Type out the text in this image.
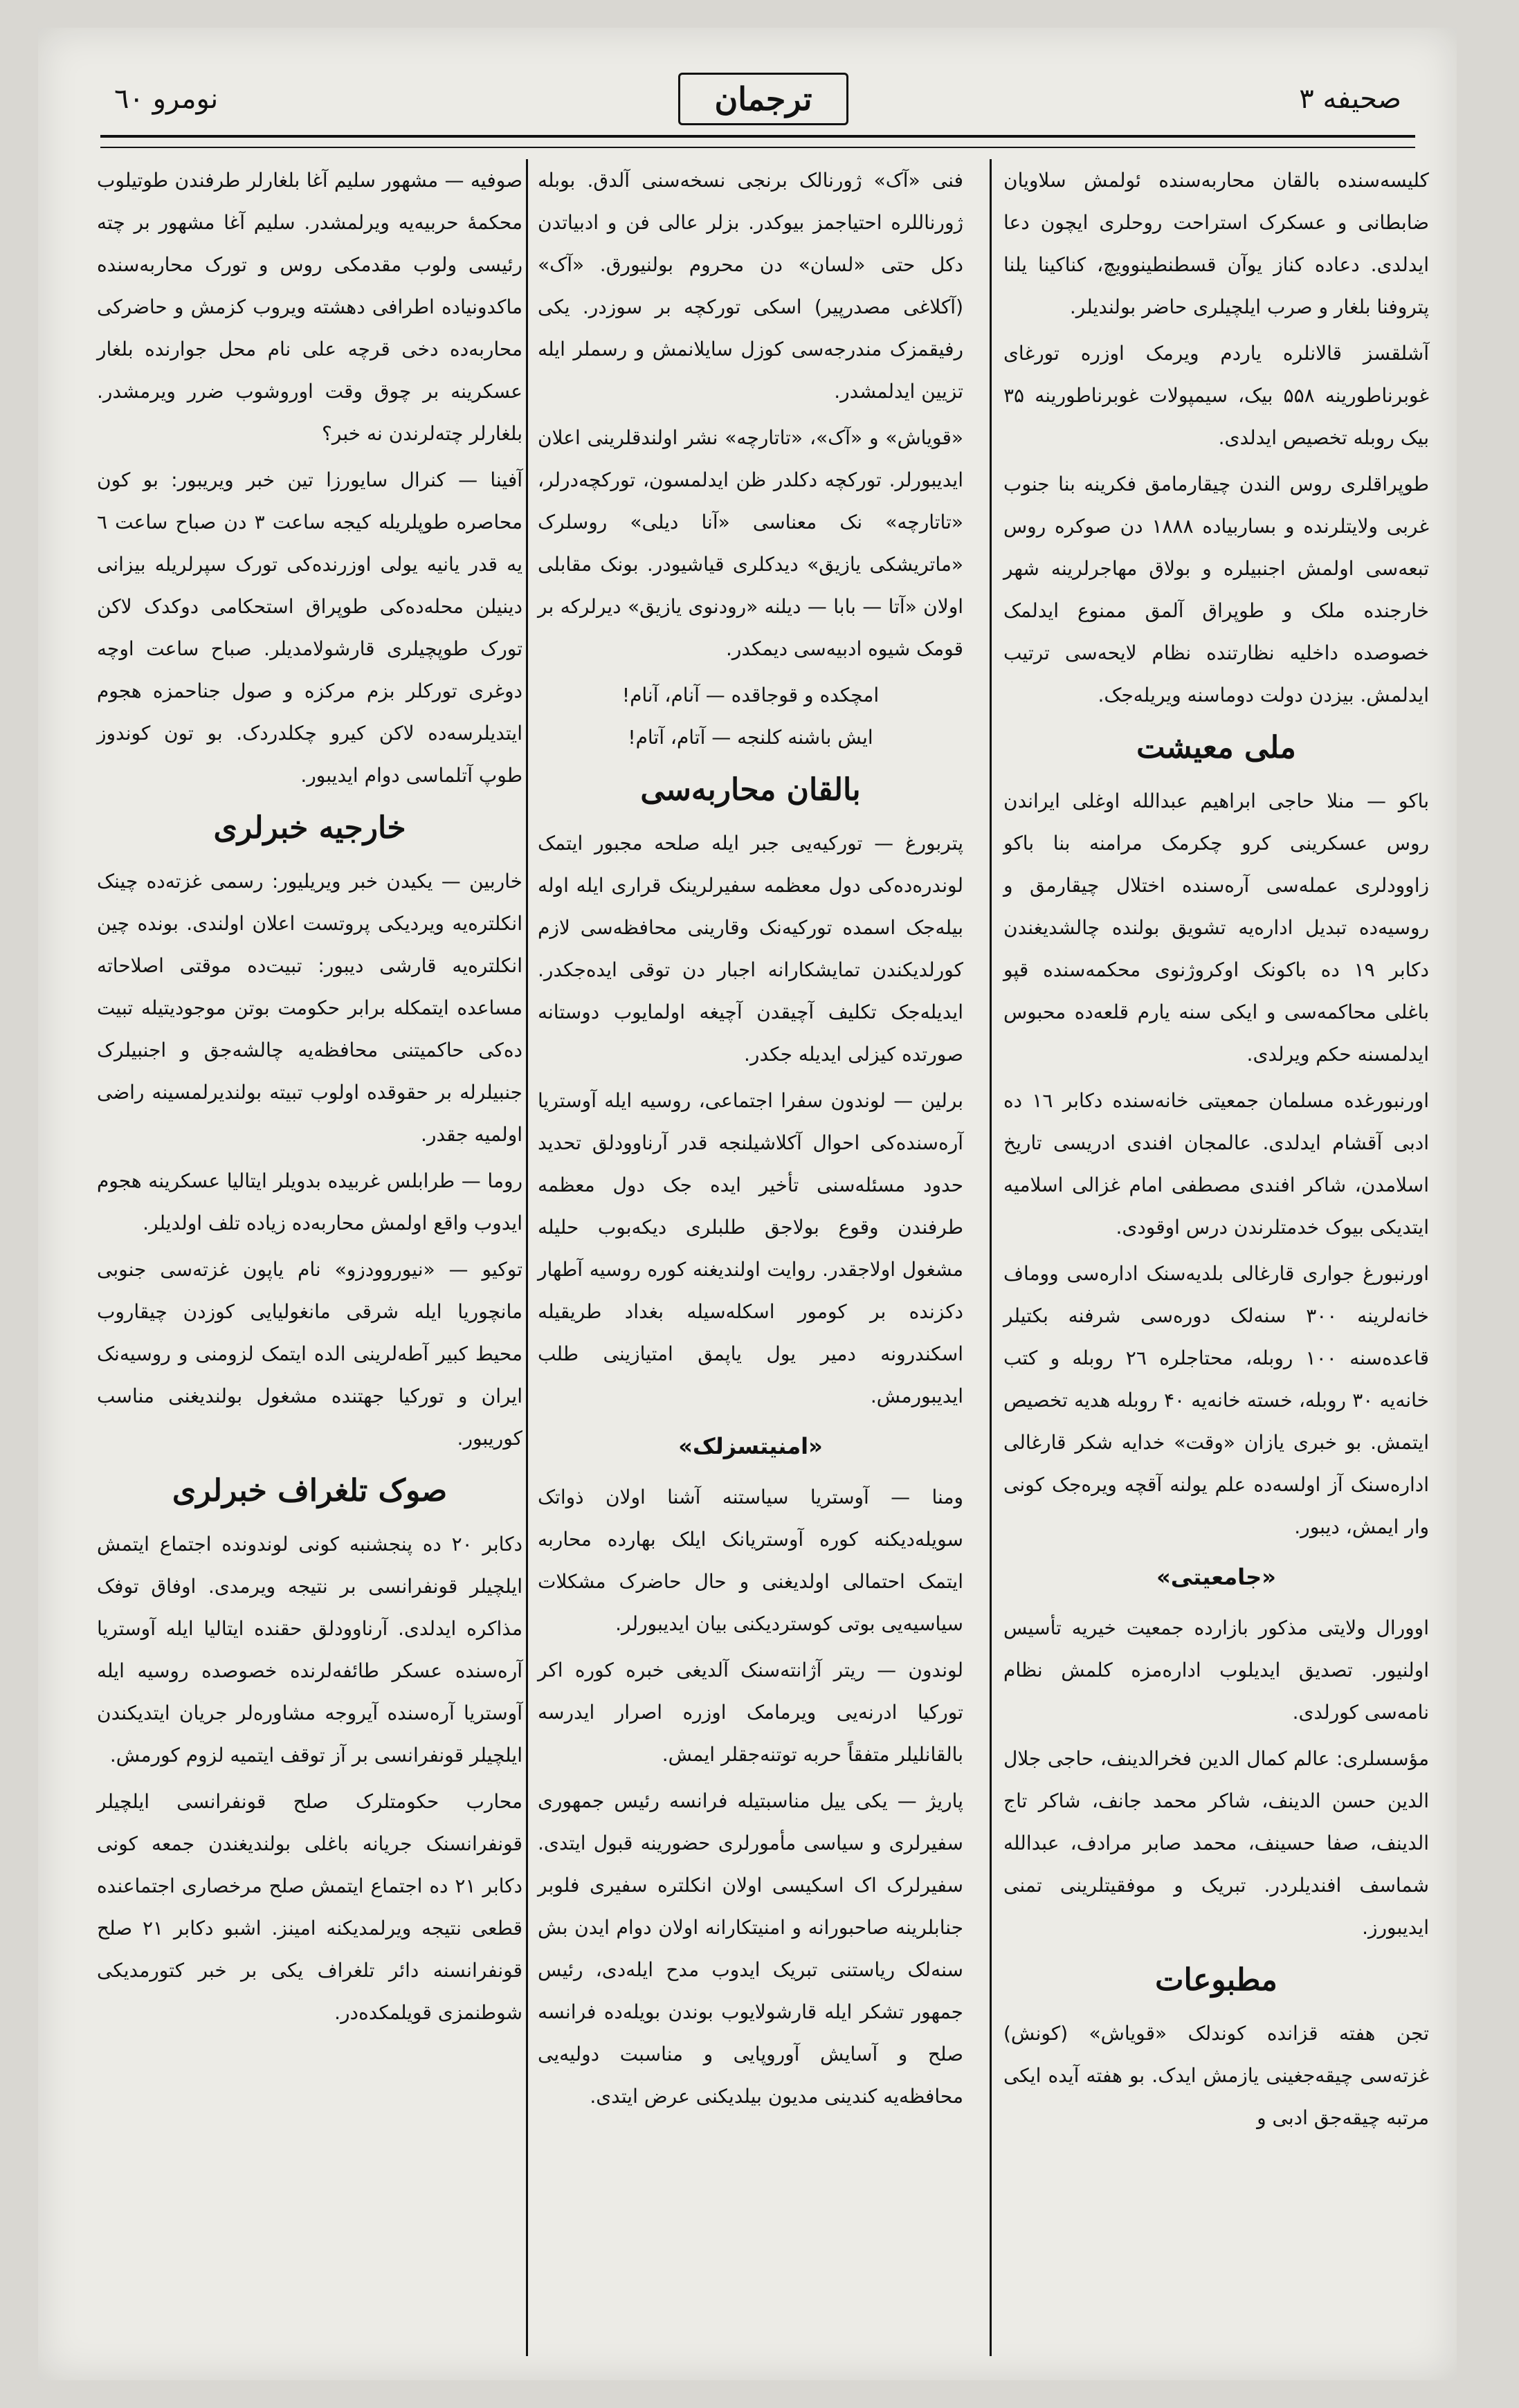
صحیفه ۳
ترجمان
نومرو ٦٠

کلیسه‌سنده بالقان محاربه‌سنده ئولمش سلاویان ضابطانی و عسکرک استراحت روحلری ایچون دعا ایدلدی. دعاده کناز یوآن قسطنطینوویچ، کناکینا یلنا پتروفنا بلغار و صرب ایلچیلری حاضر بولندیلر.

آشلقسز قالانلره یاردم ویرمک اوزره تورغای غوبرناطورینه ۵۵۸ بیک، سیمپولات غوبرناطورینه ۳۵ بیک روبله تخصیص ایدلدی.

طوپراقلری روس الندن چیقارمامق فکرینه بنا جنوب غربی ولایتلرنده و بساربیاده ۱۸۸۸ دن صوکره روس تبعه‌سی اولمش اجنبیلره و بولاق مهاجرلرینه شهر خارجنده ملک و طوپراق آلمق ممنوع ایدلمک خصوصده داخلیه نظارتنده نظام لایحه‌سی ترتیب ایدلمش. بیزدن دولت دوماسنه ویریله‌جک.

ملی معیشت

باکو — منلا حاجی ابراهیم عبدالله اوغلی ایراندن روس عسکرینی کرو چکرمک مرامنه بنا باکو زاوودلری عمله‌سی آره‌سنده اختلال چیقارمق و روسیه‌ده تبدیل اداره‌یه تشویق بولنده چالشدیغندن دکابر ۱۹ ده باکونک اوکروژنوی محکمه‌سنده قپو باغلی محاکمه‌سی و ایکی سنه یارم قلعه‌ده محبوس ایدلمسنه حکم ویرلدی.

اورنبورغده مسلمان جمعیتی خانه‌سنده دکابر ۱٦ ده ادبی آقشام ایدلدی. عالمجان افندی ادریسی تاریخ اسلامدن، شاکر افندی مصطفی امام غزالی اسلامیه ایتدیکی بیوک خدمتلرندن درس اوقودی.

اورنبورغ جواری قارغالی بلدیه‌سنک اداره‌سی ووماف خانه‌لرینه ۳۰۰ سنه‌لک دوره‌سی شرفنه بکتیلر قاعده‌سنه ۱۰۰ روبله، محتاجلره ۲٦ روبله و کتب خانه‌یه ۳۰ روبله، خسته خانه‌یه ۴۰ روبله هدیه تخصیص ایتمش. بو خبری یازان «وقت» خدایه شکر قارغالی اداره‌سنک آز اولسه‌ده علم یولنه آقچه ویره‌جک کونی وار ایمش، دیبور.

«جامعیتی»

اوورال ولایتی مذکور بازارده جمعیت خیریه تأسیس اولنیور. تصدیق ایدیلوب اداره‌مزه کلمش نظام نامه‌سی کورلدی.

مؤسسلری: عالم کمال الدین فخرالدینف، حاجی جلال الدین حسن الدینف، شاکر محمد جانف، شاکر تاج الدینف، صفا حسینف، محمد صابر مرادف، عبدالله شماسف افندیلردر. تبریک و موفقیتلرینی تمنی ایدیبورز.

مطبوعات

تجن هفته قزانده کوندلک «قویاش» (کونش) غزته‌سی چیقه‌جغینی یازمش ایدک. بو هفته آیده ایکی مرتبه چیقه‌جق ادبی و

فنی «آک» ژورنالک برنجی نسخه‌سنی آلدق. بوبله ژورناللره احتیاجمز بیوکدر. بزلر عالی فن و ادبیاتدن دکل حتی «لسان» دن محروم بولنیورق. «آک» (آکلاغی مصدرپیر) اسکی تورکچه بر سوزدر. یکی رفیقمزک مندرجه‌سی کوزل سایلانمش و رسملر ایله تزیین ایدلمشدر.

«قویاش» و «آک»، «تاتارچه» نشر اولندقلرینی اعلان ایدیبورلر. تورکچه دکلدر ظن ایدلمسون، تورکچه‌درلر، «تاتارچه» نک معناسی «آنا دیلی» روسلرک «ماتریشکی یازیق» دیدکلری قیاشیودر. بونک مقابلی اولان «آتا — بابا — دیلنه «رودنوی یازیق» دیرلرکه بر قومک شیوه ادبیه‌سی دیمکدر.

امچکده و قوجاقده — آنام، آنام!

ایش باشنه کلنجه — آتام، آتام!

بالقان محاربه‌سی

پتربورغ — تورکیه‌یی جبر ایله صلحه مجبور ایتمک لوندره‌ده‌کی دول معظمه سفیرلرینک قراری ایله اوله بیله‌جک اسمده تورکیه‌نک وقارینی محافظه‌سی لازم کورلدیکندن تمایشکارانه اجبار دن توقی ایده‌جکدر. ایدیله‌جک تکلیف آچیقدن آچیغه اولمایوب دوستانه صورتده کیزلی ایدیله جکدر.

برلین — لوندون سفرا اجتماعی، روسیه ایله آوستریا آره‌سنده‌کی احوال آکلاشیلنجه قدر آرناوودلق تحدید حدود مسئله‌سنی تأخیر ایده جک دول معظمه طرفندن وقوع بولاجق طلبلری دیکه‌بوب حلیله مشغول اولاجقدر. روایت اولندیغنه کوره روسیه آطهار دکزنده بر کومور اسکله‌سیله بغداد طریقیله اسکندرونه دمیر یول یاپمق امتیازینی طلب ایدیبورمش.

«امنیتسزلک»

ومنا — آوستریا سیاستنه آشنا اولان ذواتک سویله‌دیکنه کوره آوستریانک ایلک بهارده محاربه ایتمک احتمالی اولدیغنی و حال حاضرک مشکلات سیاسیه‌یی بوتی کوستردیکنی بیان ایدیبورلر.

لوندون — ریتر آژانته‌سنک آلدیغی خبره کوره اکر تورکیا ادرنه‌یی ویرمامک اوزره اصرار ایدرسه بالقانلیلر متفقاً حربه توتنه‌جقلر ایمش.

پاریژ — یکی ییل مناسبتیله فرانسه رئیس جمهوری سفیرلری و سیاسی مأمورلری حضورینه قبول ایتدی. سفیرلرک اک اسکیسی اولان انکلتره سفیری فلوبر جنابلرینه صاحبورانه و امنیتکارانه اولان دوام ایدن بش سنه‌لک ریاستنی تبریک ایدوب مدح ایله‌دی، رئیس جمهور تشکر ایله قارشولایوب بوندن بویله‌ده فرانسه صلح و آسایش آوروپایی و مناسبت دولیه‌یی محافظه‌یه کندینی مدیون بیلدیکنی عرض ایتدی.

صوفیه — مشهور سلیم آغا بلغارلر طرفندن طوتیلوب محکمهٔ حربیه‌یه ویرلمشدر. سلیم آغا مشهور بر چته رئیسی ولوب مقدمکی روس و تورک محاربه‌سنده ماکدونیاده اطرافی دهشته ویروب کزمش و حاضرکی محاربه‌ده دخی قرچه علی نام محل جوارنده بلغار عسکرینه بر چوق وقت اوروشوب ضرر ویرمشدر. بلغارلر چته‌لرندن نه خبر؟

آفینا — کنرال سایورزا تین خبر ویریبور: بو کون محاصره طوپلریله کیجه ساعت ۳ دن صباح ساعت ٦ یه قدر یانیه یولی اوزرنده‌کی تورک سپرلریله بیزانی دینیلن محله‌ده‌کی طوپراق استحکامی دوکدک لاکن تورک طوپچیلری قارشولامدیلر. صباح ساعت اوچه دوغری تورکلر بزم مرکزه و صول جناحمزه هجوم ایتدیلرسه‌ده لاکن کیرو چکلدردک. بو تون کوندوز طوپ آتلماسی دوام ایدیبور.

خارجیه خبرلری

خاربین — یکیدن خبر ویریلیور: رسمی غزته‌ده چینک انکلتره‌یه ویردیکی پروتست اعلان اولندی. بونده چین انکلتره‌یه قارشی دیبور: تبیت‌ده موقتی اصلاحاته مساعده ایتمکله برابر حکومت بوتن موجودیتیله تبیت ده‌کی حاکمیتنی محافظه‌یه چالشه‌جق و اجنبیلرک جنبیلرله بر حقوقده اولوب تبیته بولندیرلمسینه راضی اولمیه جقدر.

روما — طرابلس غربیده بدویلر ایتالیا عسکرینه هجوم ایدوب واقع اولمش محاربه‌ده زیاده تلف اولدیلر.

توکیو — «نیوروودزو» نام یاپون غزته‌سی جنوبی مانچوریا ایله شرقی مانغولیایی کوزدن چیقاروب محیط کبیر آطه‌لرینی الده ایتمک لزومنی و روسیه‌نک ایران و تورکیا جهتنده مشغول بولندیغنی مناسب کوریبور.

صوک تلغراف خبرلری

دکابر ۲۰ ده پنجشنبه کونی لوندونده اجتماع ایتمش ایلچیلر قونفرانسی بر نتیجه ویرمدی. اوفاق توفک مذاکره ایدلدی. آرناوودلق حقنده ایتالیا ایله آوستریا آره‌سنده عسکر طائفه‌لرنده خصوصده روسیه ایله آوستریا آره‌سنده آیروجه مشاوره‌لر جریان ایتدیکندن ایلچیلر قونفرانسی بر آز توقف ایتمیه لزوم کورمش.

محارب حکومتلرک صلح قونفرانسی ایلچیلر قونفرانسنک جریانه باغلی بولندیغندن جمعه کونی دکابر ۲۱ ده اجتماع ایتمش صلح مرخصاری اجتماعنده قطعی نتیجه ویرلمدیکنه امینز. اشبو دکابر ۲۱ صلح قونفرانسنه دائر تلغراف یکی بر خبر کتورمدیکی شوطنمزی قویلمکده‌در.
